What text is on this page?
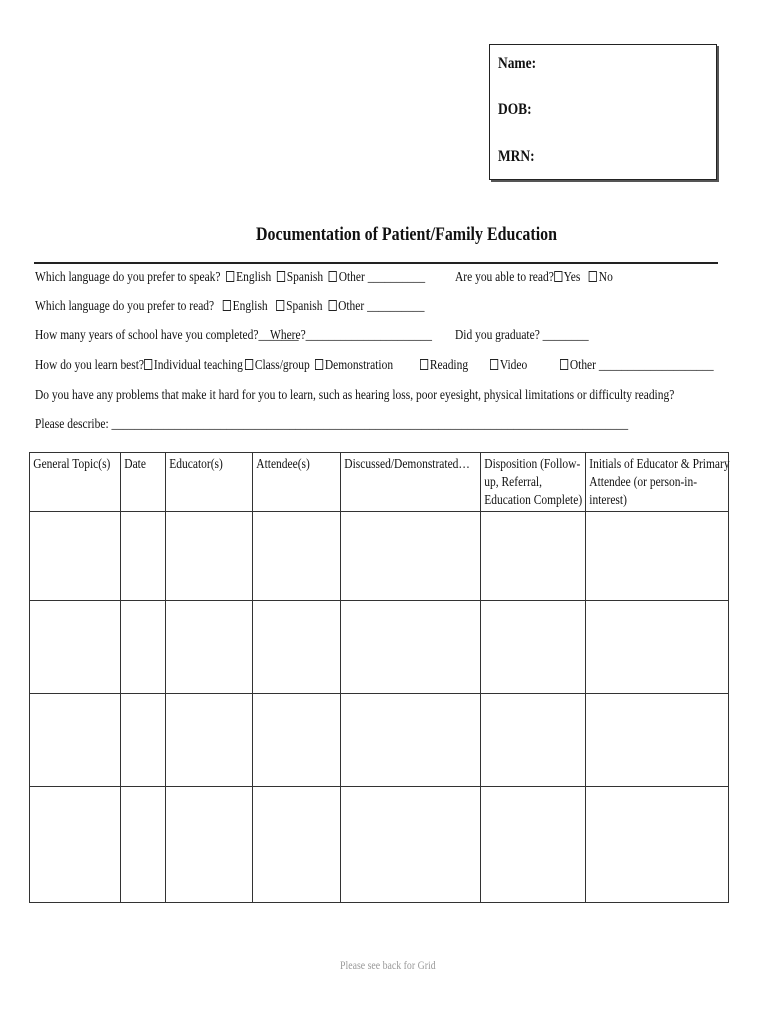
Name:
DOB:
MRN:
Documentation of Patient/Family Education
Which language do you prefer to speak? English Spanish Other __________	Are you able to read? Yes No
Which language do you prefer to read? English Spanish Other __________
How many years of school have you completed?_______
Where?______________________	Did you graduate? ________
How do you learn best? Individual teaching Class/group	Demonstration	Reading	Video	Other ____________________
Do you have any problems that make it hard for you to learn, such as hearing loss, poor eyesight, physical limitations or difficulty reading?
Please describe: __________________________________________________________________________________________
General Topic(s)	Date	Educator(s)	Attendee(s)	Discussed/Demonstrated…	Disposition (Follow-up, Referral, Education Complete)	Initials of Educator & Primary Attendee (or person-in-interest)

Please see back for Grid
